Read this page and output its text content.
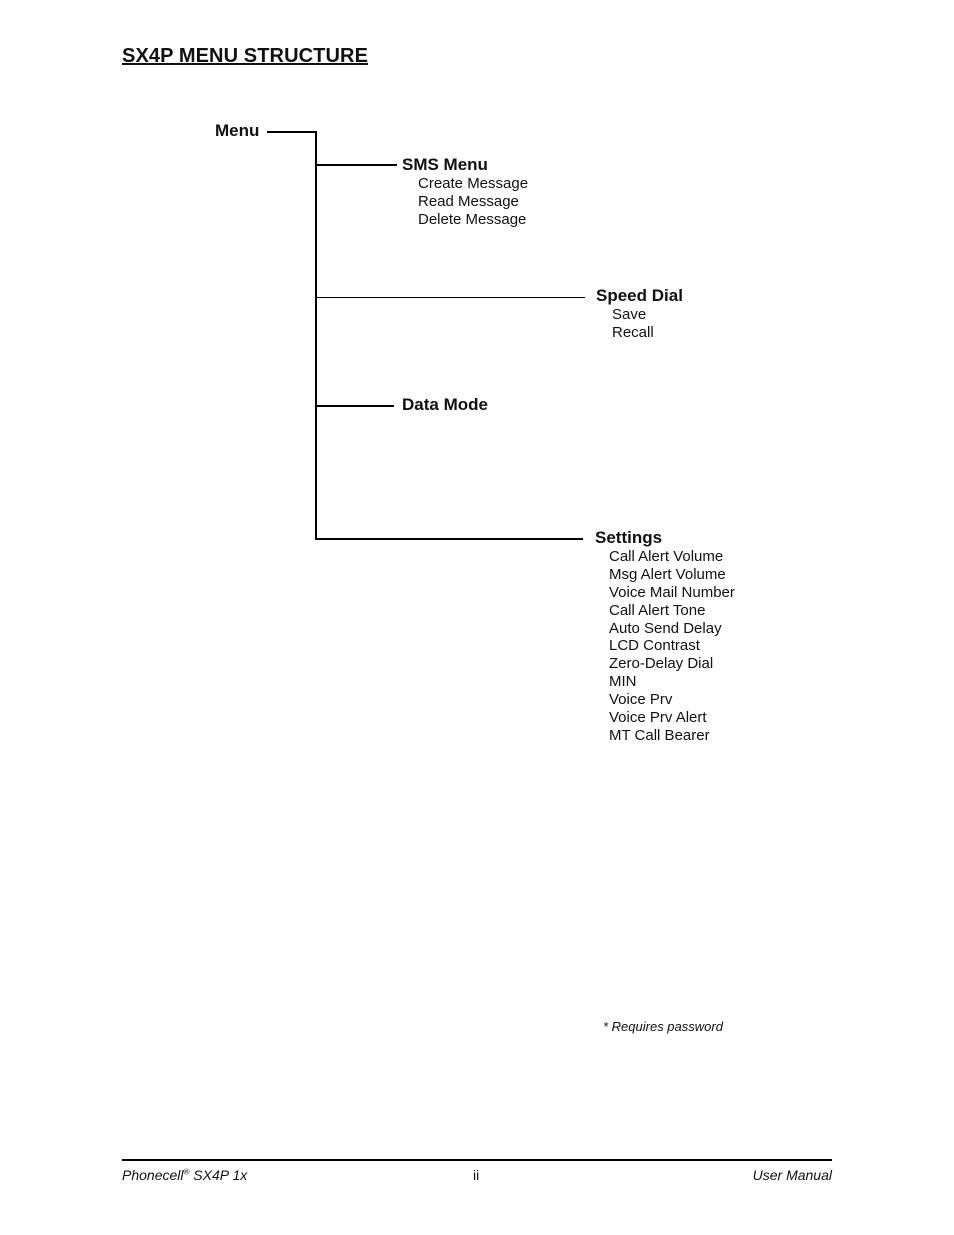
SX4P MENU STRUCTURE
Menu
SMS Menu
Create Message
Read Message
Delete Message
Speed Dial
Save
Recall
Data Mode
Settings
Call Alert Volume
Msg Alert Volume
Voice Mail Number
Call Alert Tone
Auto Send Delay
LCD Contrast
Zero-Delay Dial
MIN
Voice Prv
Voice Prv Alert
MT Call Bearer
* Requires password
Phonecell® SX4P 1x	ii	User Manual
